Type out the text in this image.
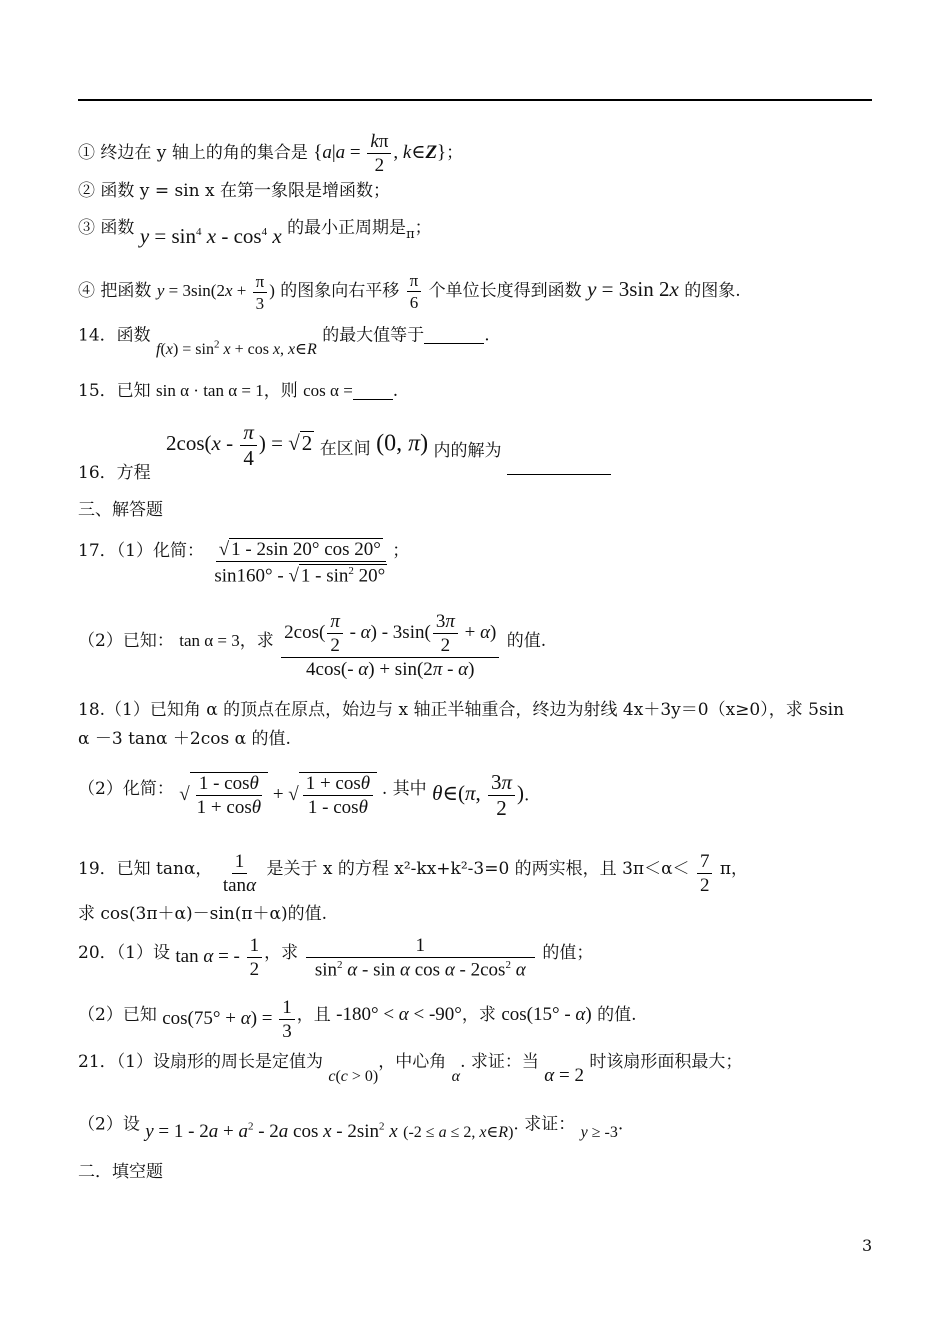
① 终边在 y 轴上的角的集合是 {$a|a = \frac{k\pi}{2}$ , k∈Z}；
② 函数 y = sin x 在第一象限是增函数；
③ 函数 $y = \sin^4 x - \cos^4 x$ 的最小正周期是$_\pi$；
④ 把函数 $y = 3\sin(2x + \frac{\pi}{3}$ ) 的图象向右平移 $\frac{\pi}{6}$ 个单位长度得到函数 y = 3sin 2x 的图象.
14．函数 $f(x) = \sin^2 x + \cos x$, x∈R 的最大值等于	.
15．已知 sin α · tan α = 1，则 cos α = .
16．方程 $2\cos(x - \frac{\pi}{4}$ ) = √2 在区间 (0, π) 内的解为
三、解答题
17．（1）化简： $\frac{√ 1 - 2\sin 20^\circ \cos 20^\circ}{\sin 160^\circ - √ 1 - \sin^2 20^\circ}$ ；
（2）已知： tan α = 3，求 $\frac{2\cos( \frac{\pi}{2} - \alpha) - 3\sin( \frac{3\pi}{2} + \alpha)}{4\cos(- \alpha) + \sin(2\pi - \alpha)}$ 的值.
18.（1）已知角 α 的顶点在原点，始边与 x 轴正半轴重合，终边为射线 4x＋3y＝0（x≥0），求 5sin
α －3 tanα ＋2cos α 的值.
（2）化简： √ $\frac{1 - \cos\theta}{1 + \cos\theta}$ + √ $\frac{1 + \cos\theta}{1 - \cos\theta}$ . 其中 θ∈(π, $\frac{3\pi}{2}$ ).
19．已知 tanα， $\frac{1}{\tan\alpha}$ 是关于 x 的方程 x²-kx+k²-3=0 的两实根，且 $3\pi<\alpha< \frac{7}{2}$ π，
求 cos(3π＋α)－sin(π＋α)的值.
20．（1）设 tan α = - $\frac{1}{2}$ ，求 $\frac{1}{\sin^2 \alpha - \sin \alpha \cos \alpha - 2\cos^2 \alpha}$ 的值；
（2）已知 $\cos(75^\circ + \alpha) = \frac{1}{3}$ ，且 -180° < α < -90°，求 cos(15° - α) 的值.
21．（1）设扇形的周长是定值为 c(c > 0)，中心角 α. 求证：当 α = 2 时该扇形面积最大；
（2）设 $y = 1 - 2a + a^2 - 2a$ cos x - $2\sin^2$ x (-2 ≤ a ≤ 2, x∈R). 求证： y ≥ -3.
二．填空题
3
